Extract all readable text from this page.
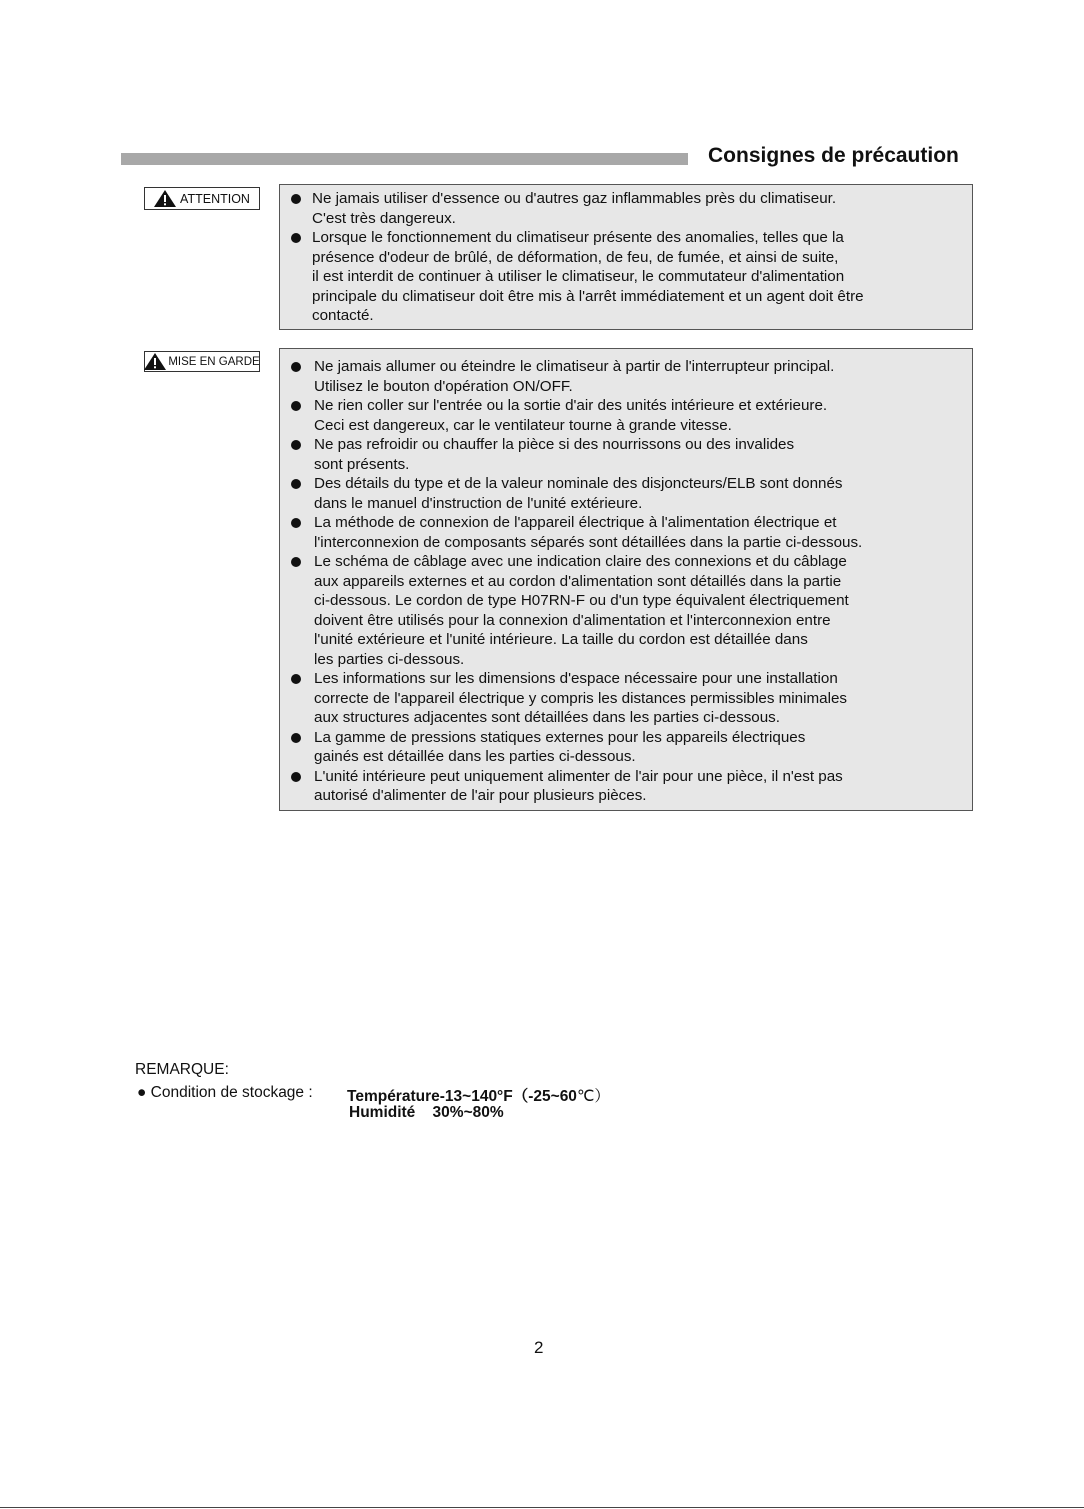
Consignes de précaution
ATTENTION	Ne jamais utiliser d'essence ou d'autres gaz inflammables près du climatiseur.
C'est très dangereux.
Lorsque le fonctionnement du climatiseur présente des anomalies, telles que la
présence d'odeur de brûlé, de déformation, de feu, de fumée, et ainsi de suite,
il est interdit de continuer à utiliser le climatiseur, le commutateur d'alimentation
principale du climatiseur doit être mis à l'arrêt immédiatement et un agent doit être
contacté.
MISE EN GARDE	Ne jamais allumer ou éteindre le climatiseur à partir de l'interrupteur principal.
Utilisez le bouton d'opération ON/OFF.
Ne rien coller sur l'entrée ou la sortie d'air des unités intérieure et extérieure.
Ceci est dangereux, car le ventilateur tourne à grande vitesse.
Ne pas refroidir ou chauffer la pièce si des nourrissons ou des invalides
sont présents.
Des détails du type et de la valeur nominale des disjoncteurs/ELB sont donnés
dans le manuel d'instruction de l'unité extérieure.
La méthode de connexion de l'appareil électrique à l'alimentation électrique et
l'interconnexion de composants séparés sont détaillées dans la partie ci-dessous.
Le schéma de câblage avec une indication claire des connexions et du câblage
aux appareils externes et au cordon d'alimentation sont détaillés dans la partie
ci-dessous. Le cordon de type H07RN-F ou d'un type équivalent électriquement
doivent être utilisés pour la connexion d'alimentation et l'interconnexion entre
l'unité extérieure et l'unité intérieure. La taille du cordon est détaillée dans
les parties ci-dessous.
Les informations sur les dimensions d'espace nécessaire pour une installation
correcte de l'appareil électrique y compris les distances permissibles minimales
aux structures adjacentes sont détaillées dans les parties ci-dessous.
La gamme de pressions statiques externes pour les appareils électriques
gainés est détaillée dans les parties ci-dessous.
L'unité intérieure peut uniquement alimenter de l'air pour une pièce, il n'est pas
autorisé d'alimenter de l'air pour plusieurs pièces.
REMARQUE:
● Condition de stockage : Température-13~140°F（-25~60℃）
Humidité 30%~80%
2
